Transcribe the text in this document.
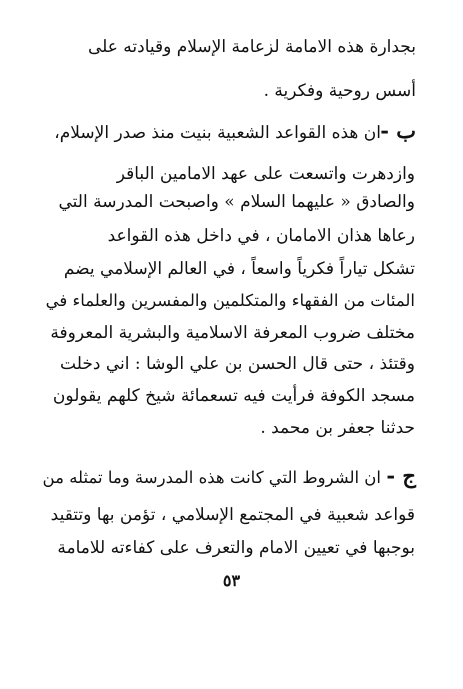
بجدارة هذه الامامة لزعامة الإسلام وقيادته على
أسس روحية وفكرية .
ب -
ان هذه القواعد الشعبية بنيت منذ صدر الإسلام،
وازدهرت واتسعت على عهد الامامين الباقر
والصادق « عليهما السلام » واصبحت المدرسة التي
رعاها هذان الامامان ، في داخل هذه القواعد
تشكل تياراً فكرياً واسعاً ، في العالم الإسلامي يضم
المئات من الفقهاء والمتكلمين والمفسرين والعلماء في
مختلف ضروب المعرفة الاسلامية والبشرية المعروفة
وقتئذ ، حتى قال الحسن بن علي الوشا : اني دخلت
مسجد الكوفة فرأيت فيه تسعمائة شيخ كلهم يقولون
حدثنا جعفر بن محمد .
ج -
ان الشروط التي كانت هذه المدرسة وما تمثله من
قواعد شعبية في المجتمع الإسلامي ، تؤمن بها وتتقيد
بوجبها في تعيين الامام والتعرف على كفاءته للامامة
٥٣
